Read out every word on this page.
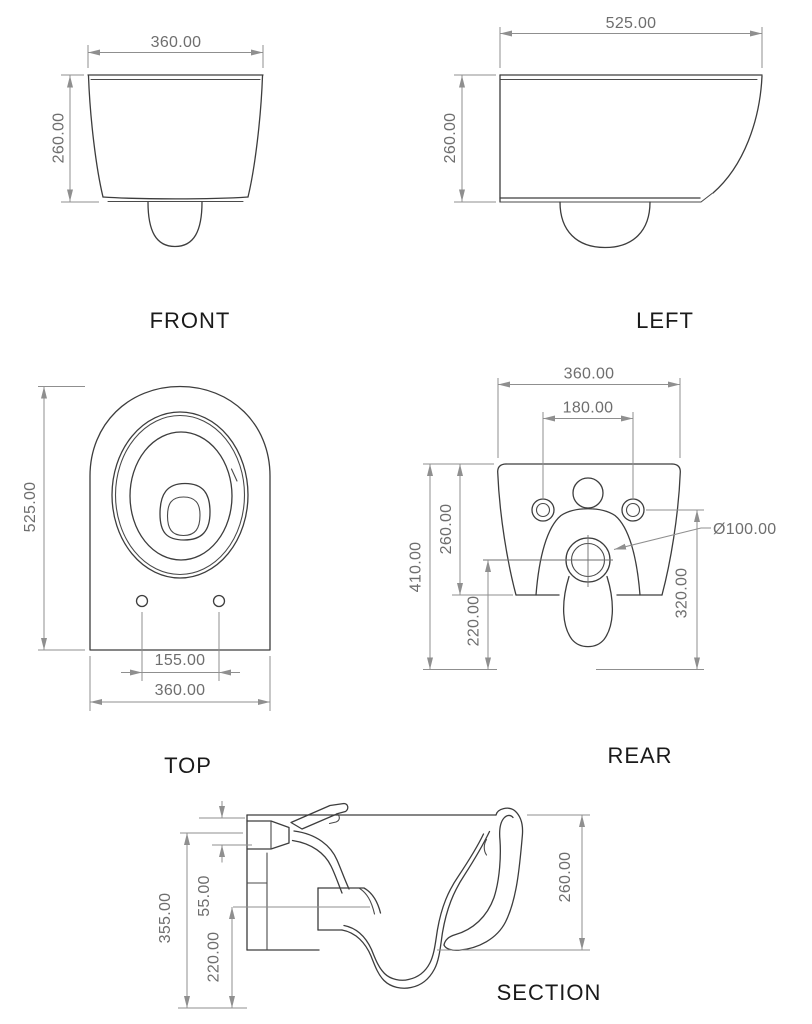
360.00
260.00
FRONT
525.00
260.00
LEFT
525.00
155.00
360.00
TOP
360.00
180.00
410.00
260.00
220.00
320.00
Ø100.00
REAR
55.00
355.00
220.00
260.00
SECTION
